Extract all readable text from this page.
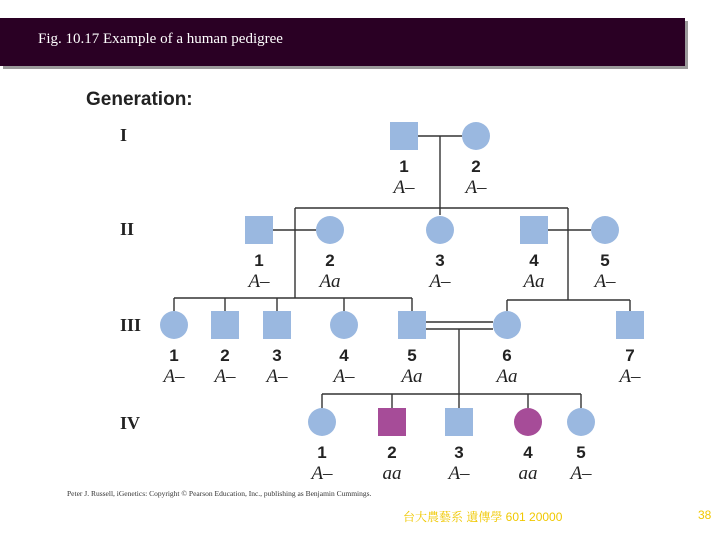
Fig. 10.17 Example of a human pedigree
Generation:
I
II
III
IV
1
A–
2
A–
1
A–
2
Aa
3
A–
4
Aa
5
A–
1
A–
2
A–
3
A–
4
A–
5
Aa
6
Aa
7
A–
1
A–
2
aa
3
A–
4
aa
5
A–
Peter J. Russell, iGenetics: Copyright © Pearson Education, Inc., publishing as Benjamin Cummings.
台大農藝系 遺傳學 601 20000	38
